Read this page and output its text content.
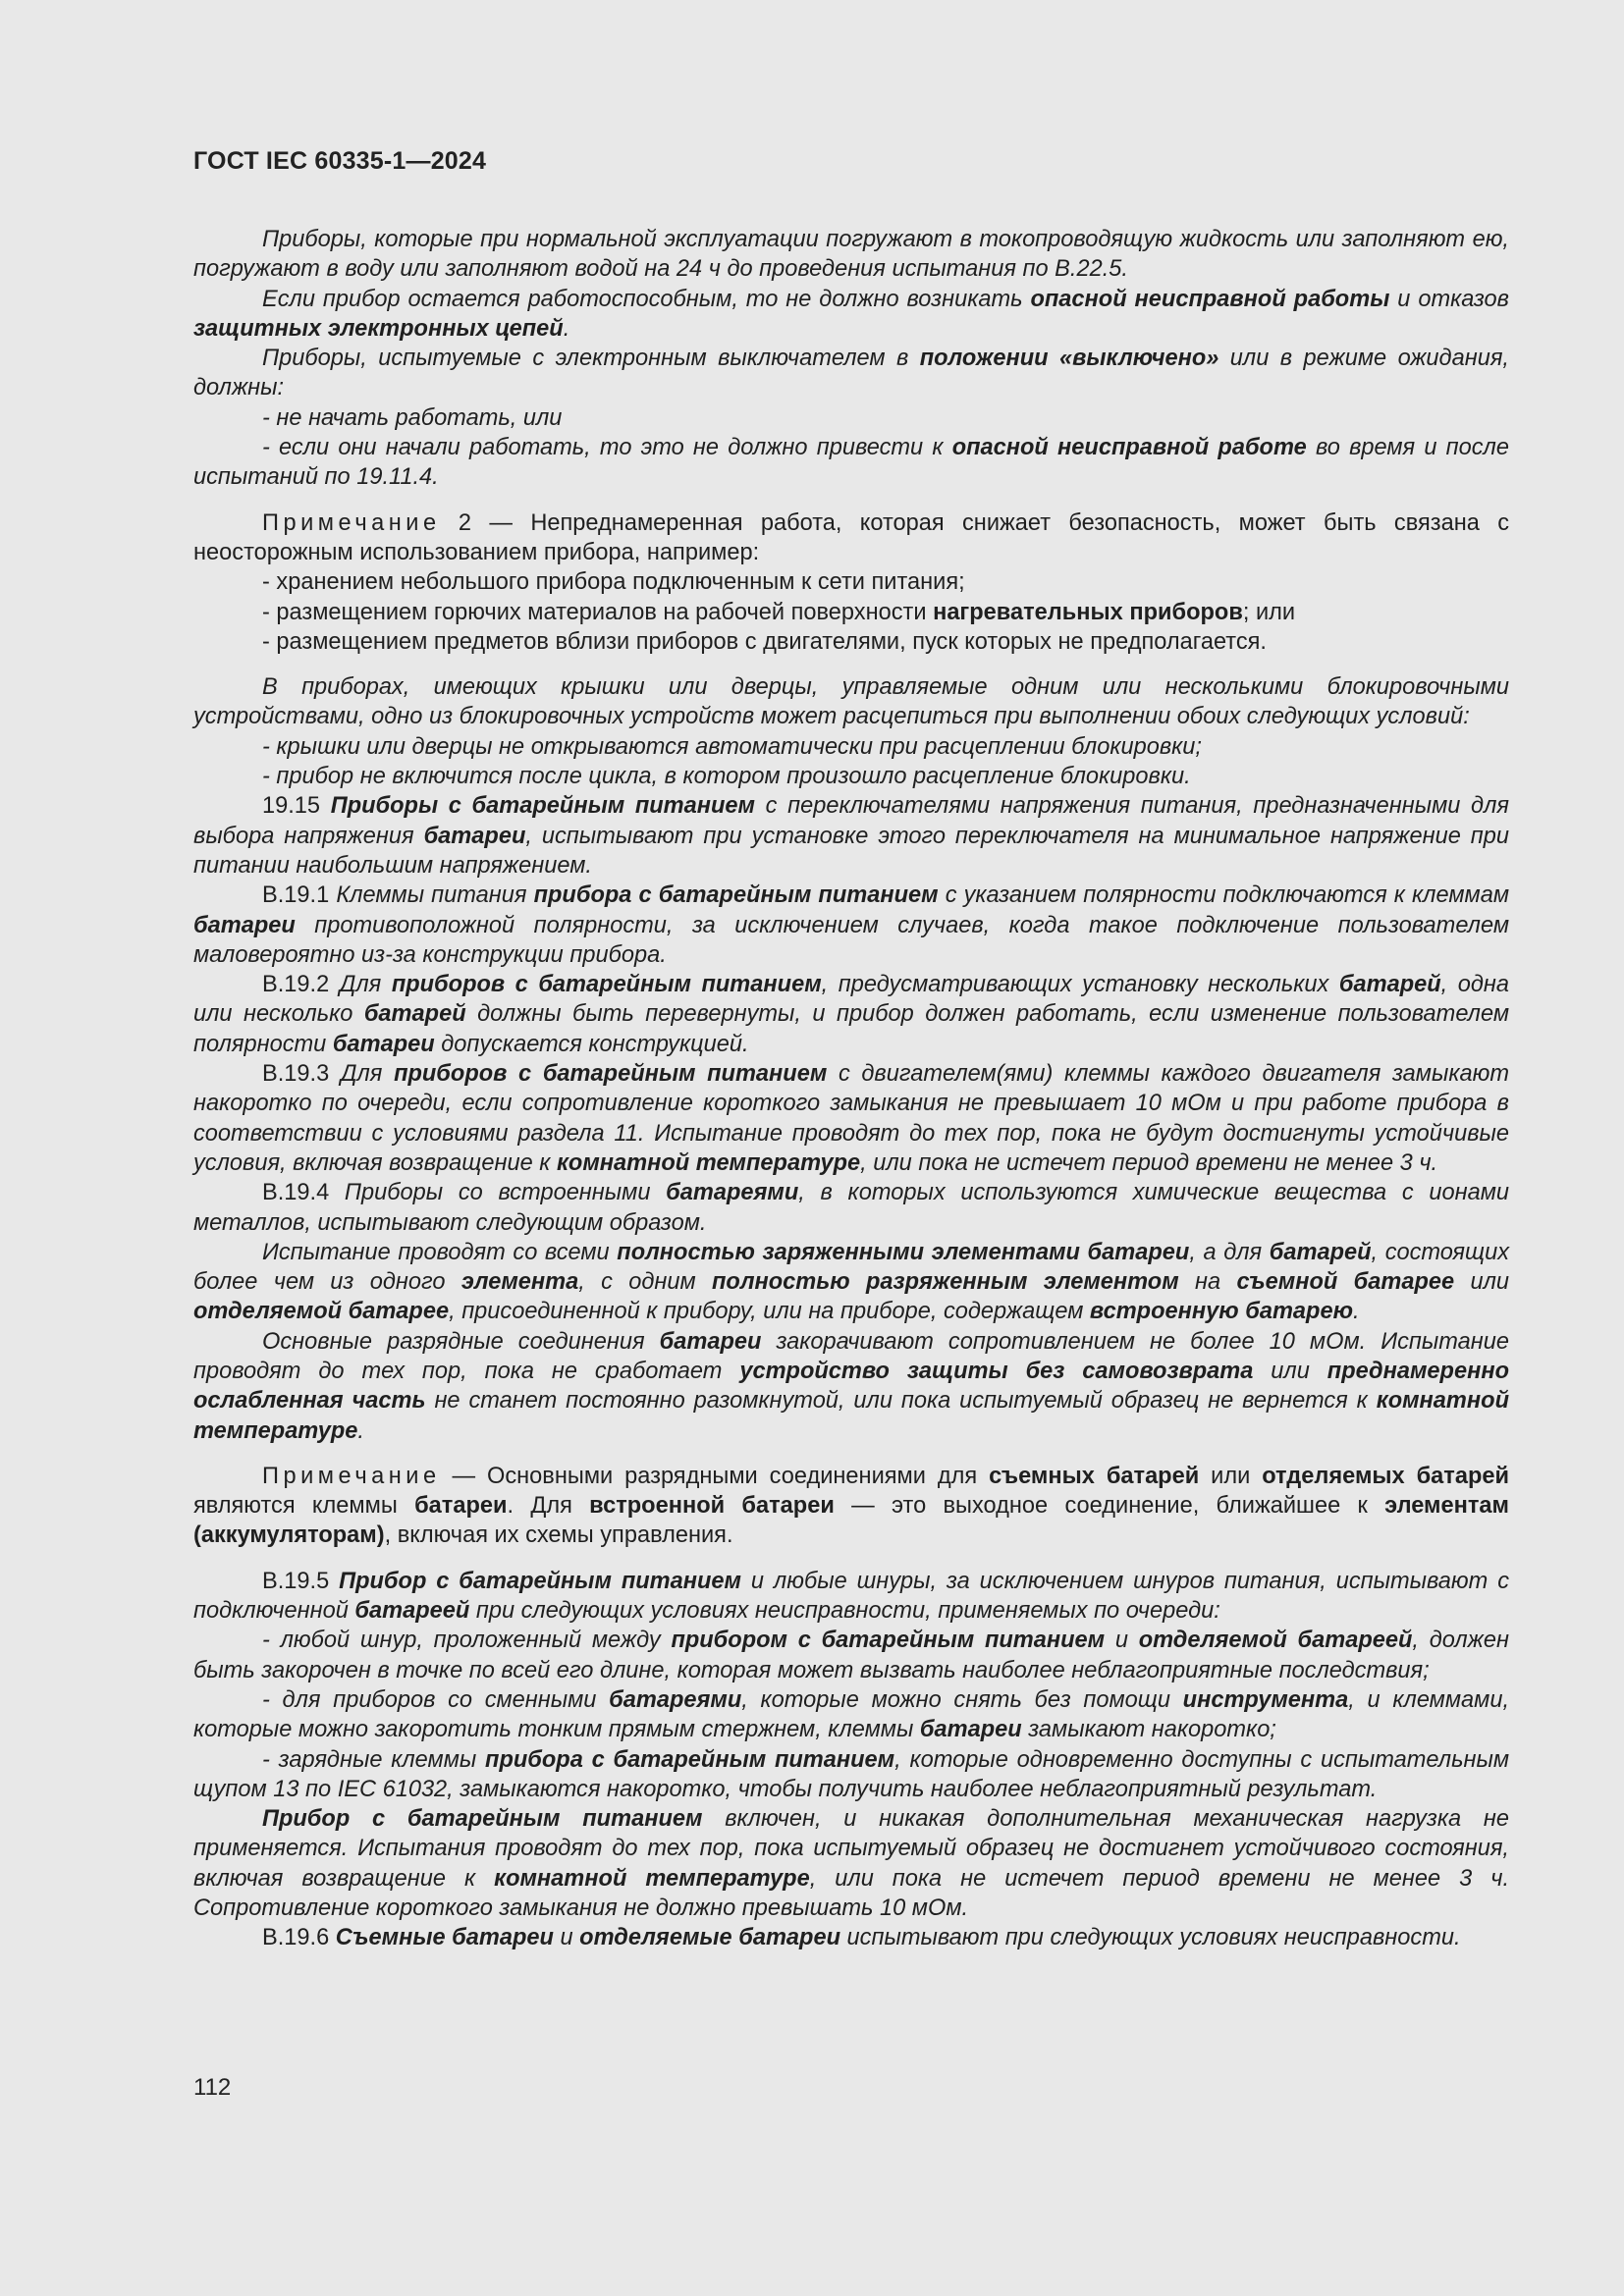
ГОСТ IEC 60335-1—2024

Приборы, которые при нормальной эксплуатации погружают в токопроводящую жидкость или заполняют ею, погружают в воду или заполняют водой на 24 ч до проведения испытания по В.22.5.

Если прибор остается работоспособным, то не должно возникать опасной неисправной работы и отказов защитных электронных цепей.

Приборы, испытуемые с электронным выключателем в положении «выключено» или в режиме ожидания, должны:

- не начать работать, или

- если они начали работать, то это не должно привести к опасной неисправной работе во время и после испытаний по 19.11.4.

Примечание 2 — Непреднамеренная работа, которая снижает безопасность, может быть связана с неосторожным использованием прибора, например:

- хранением небольшого прибора подключенным к сети питания;

- размещением горючих материалов на рабочей поверхности нагревательных приборов; или

- размещением предметов вблизи приборов с двигателями, пуск которых не предполагается.

В приборах, имеющих крышки или дверцы, управляемые одним или несколькими блокировочными устройствами, одно из блокировочных устройств может расцепиться при выполнении обоих следующих условий:

- крышки или дверцы не открываются автоматически при расцеплении блокировки;

- прибор не включится после цикла, в котором произошло расцепление блокировки.

19.15 Приборы с батарейным питанием с переключателями напряжения питания, предназначенными для выбора напряжения батареи, испытывают при установке этого переключателя на минимальное напряжение при питании наибольшим напряжением.

В.19.1 Клеммы питания прибора с батарейным питанием с указанием полярности подключаются к клеммам батареи противоположной полярности, за исключением случаев, когда такое подключение пользователем маловероятно из-за конструкции прибора.

В.19.2 Для приборов с батарейным питанием, предусматривающих установку нескольких батарей, одна или несколько батарей должны быть перевернуты, и прибор должен работать, если изменение пользователем полярности батареи допускается конструкцией.

В.19.3 Для приборов с батарейным питанием с двигателем(ями) клеммы каждого двигателя замыкают накоротко по очереди, если сопротивление короткого замыкания не превышает 10 мОм и при работе прибора в соответствии с условиями раздела 11. Испытание проводят до тех пор, пока не будут достигнуты устойчивые условия, включая возвращение к комнатной температуре, или пока не истечет период времени не менее 3 ч.

В.19.4 Приборы со встроенными батареями, в которых используются химические вещества с ионами металлов, испытывают следующим образом.

Испытание проводят со всеми полностью заряженными элементами батареи, а для батарей, состоящих более чем из одного элемента, с одним полностью разряженным элементом на съемной батарее или отделяемой батарее, присоединенной к прибору, или на приборе, содержащем встроенную батарею.

Основные разрядные соединения батареи закорачивают сопротивлением не более 10 мОм. Испытание проводят до тех пор, пока не сработает устройство защиты без самовозврата или преднамеренно ослабленная часть не станет постоянно разомкнутой, или пока испытуемый образец не вернется к комнатной температуре.

Примечание — Основными разрядными соединениями для съемных батарей или отделяемых батарей являются клеммы батареи. Для встроенной батареи — это выходное соединение, ближайшее к элементам (аккумуляторам), включая их схемы управления.

В.19.5 Прибор с батарейным питанием и любые шнуры, за исключением шнуров питания, испытывают с подключенной батареей при следующих условиях неисправности, применяемых по очереди:

- любой шнур, проложенный между прибором с батарейным питанием и отделяемой батареей, должен быть закорочен в точке по всей его длине, которая может вызвать наиболее неблагоприятные последствия;

- для приборов со сменными батареями, которые можно снять без помощи инструмента, и клеммами, которые можно закоротить тонким прямым стержнем, клеммы батареи замыкают накоротко;

- зарядные клеммы прибора с батарейным питанием, которые одновременно доступны с испытательным щупом 13 по IEC 61032, замыкаются накоротко, чтобы получить наиболее неблагоприятный результат.

Прибор с батарейным питанием включен, и никакая дополнительная механическая нагрузка не применяется. Испытания проводят до тех пор, пока испытуемый образец не достигнет устойчивого состояния, включая возвращение к комнатной температуре, или пока не истечет период времени не менее 3 ч. Сопротивление короткого замыкания не должно превышать 10 мОм.

В.19.6 Съемные батареи и отделяемые батареи испытывают при следующих условиях неисправности.

112
